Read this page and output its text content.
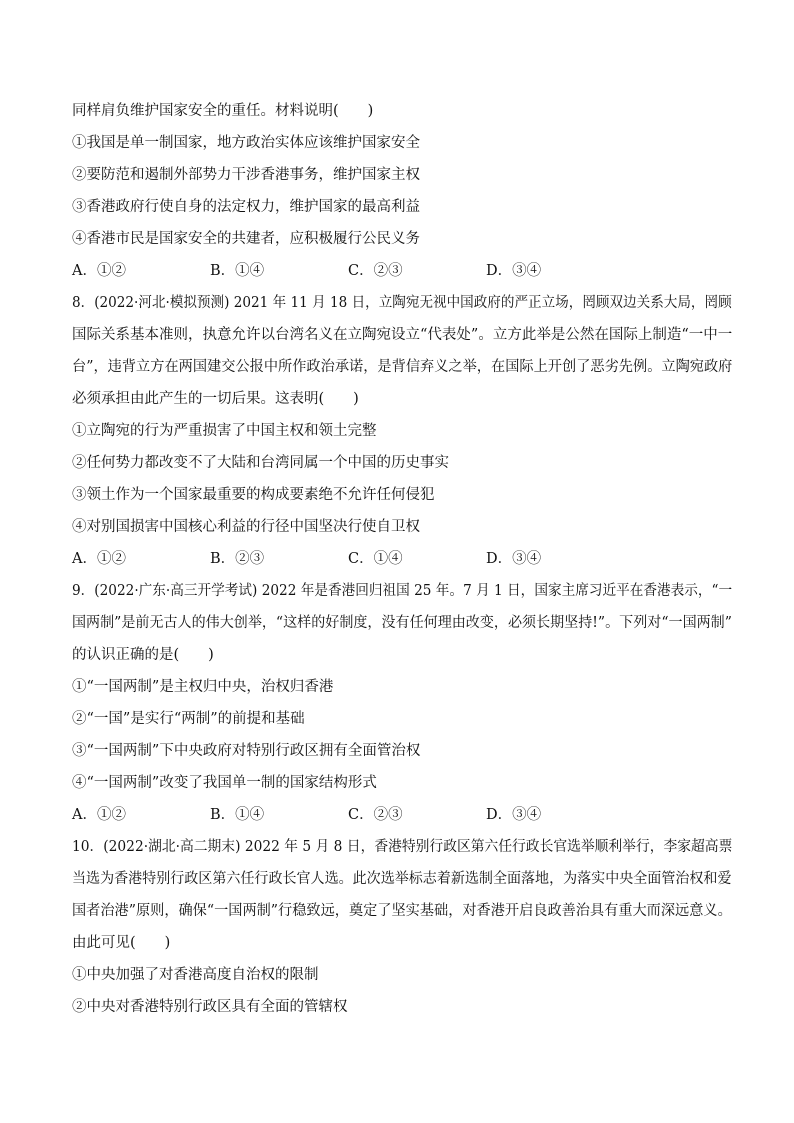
同样肩负维护国家安全的重任。材料说明(　　)
①我国是单一制国家，地方政治实体应该维护国家安全
②要防范和遏制外部势力干涉香港事务，维护国家主权
③香港政府行使自身的法定权力，维护国家的最高利益
④香港市民是国家安全的共建者，应积极履行公民义务
A．①②	B．①④	C．②③	D．③④
8．(2022·河北·模拟预测) 2021 年 11 月 18 日，立陶宛无视中国政府的严正立场，罔顾双边关系大局，罔顾
国际关系基本准则，执意允许以台湾名义在立陶宛设立“代表处”。立方此举是公然在国际上制造“一中一
台”，违背立方在两国建交公报中所作政治承诺，是背信弃义之举，在国际上开创了恶劣先例。立陶宛政府
必须承担由此产生的一切后果。这表明(　　)
①立陶宛的行为严重损害了中国主权和领土完整
②任何势力都改变不了大陆和台湾同属一个中国的历史事实
③领土作为一个国家最重要的构成要素绝不允许任何侵犯
④对别国损害中国核心利益的行径中国坚决行使自卫权
A．①②	B．②③	C．①④	D．③④
9．(2022·广东·高三开学考试) 2022 年是香港回归祖国 25 年。7 月 1 日，国家主席习近平在香港表示，“一
国两制”是前无古人的伟大创举，“这样的好制度，没有任何理由改变，必须长期坚持!”。下列对“一国两制”
的认识正确的是(　　)
①“一国两制”是主权归中央，治权归香港
②“一国”是实行“两制”的前提和基础
③“一国两制”下中央政府对特别行政区拥有全面管治权
④“一国两制”改变了我国单一制的国家结构形式
A．①②	B．①④	C．②③	D．③④
10．(2022·湖北·高二期末) 2022 年 5 月 8 日，香港特别行政区第六任行政长官选举顺利举行，李家超高票
当选为香港特别行政区第六任行政长官人选。此次选举标志着新选制全面落地，为落实中央全面管治权和爱
国者治港”原则，确保“一国两制”行稳致远，奠定了坚实基础，对香港开启良政善治具有重大而深远意义。
由此可见(　　)
①中央加强了对香港高度自治权的限制
②中央对香港特别行政区具有全面的管辖权
